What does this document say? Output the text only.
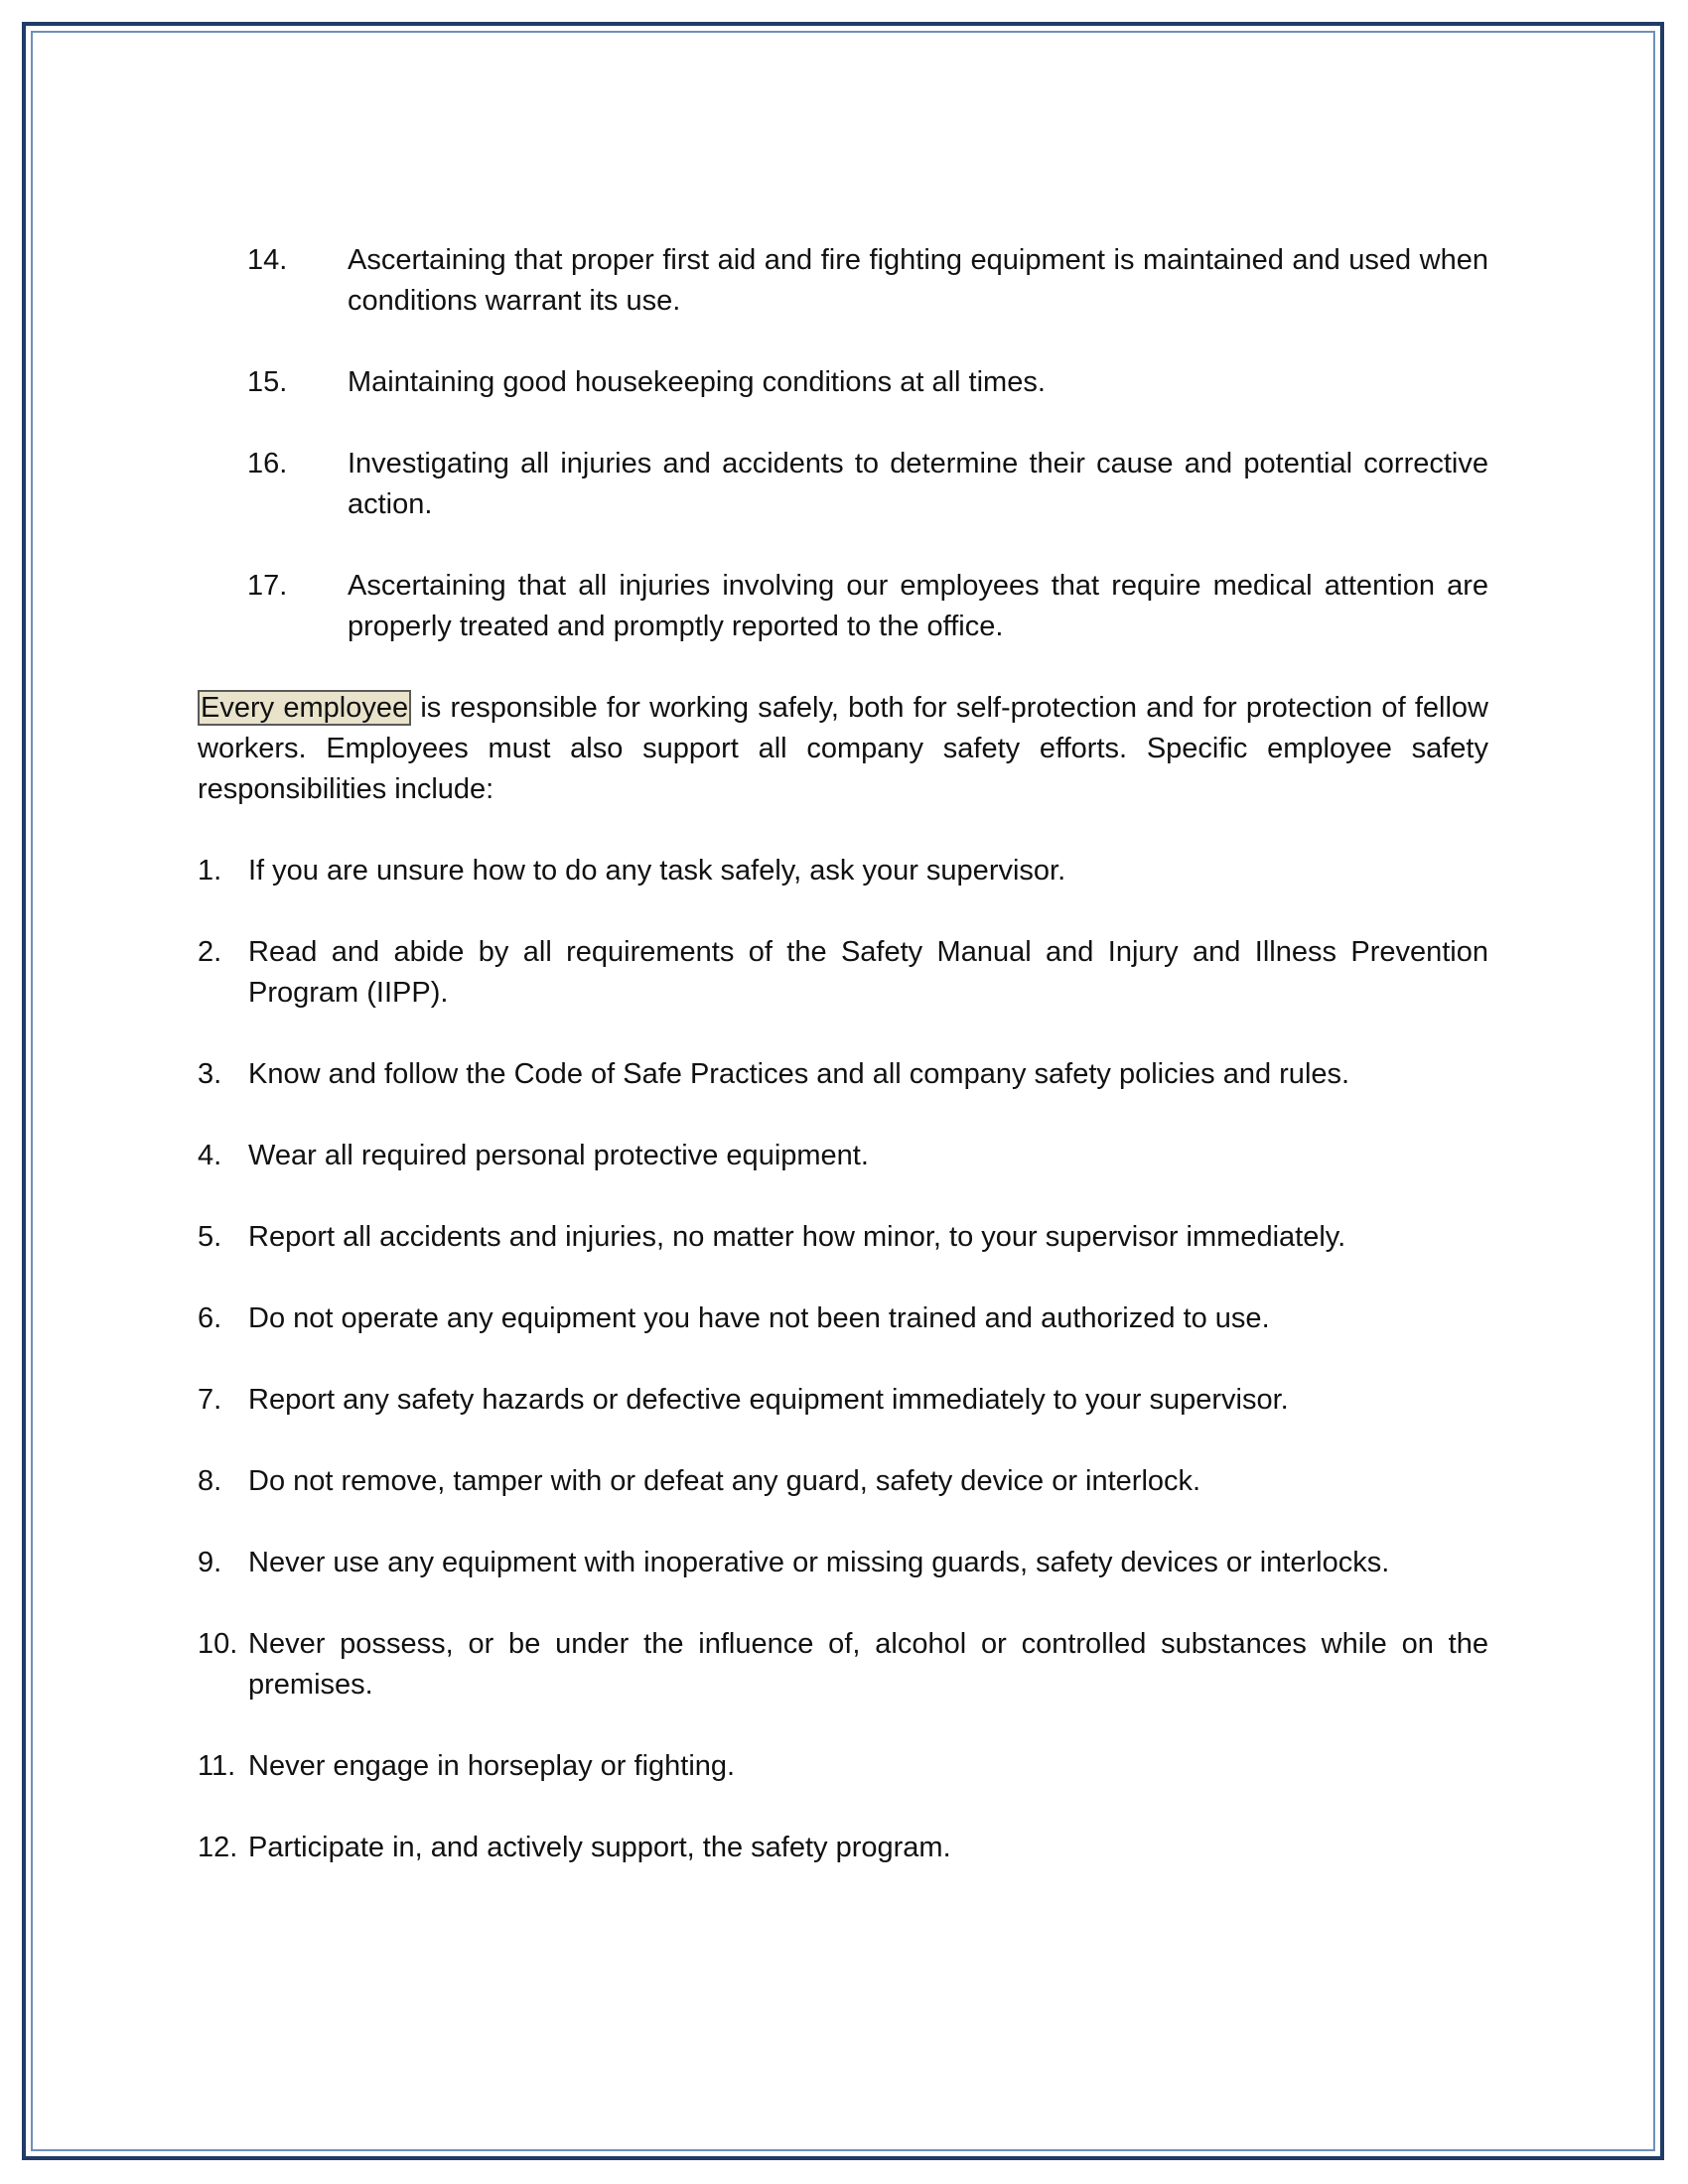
14. Ascertaining that proper first aid and fire fighting equipment is maintained and used when conditions warrant its use.
15. Maintaining good housekeeping conditions at all times.
16. Investigating all injuries and accidents to determine their cause and potential corrective action.
17. Ascertaining that all injuries involving our employees that require medical attention are properly treated and promptly reported to the office.

Every employee is responsible for working safely, both for self-protection and for protection of fellow workers. Employees must also support all company safety efforts. Specific employee safety responsibilities include:

1. If you are unsure how to do any task safely, ask your supervisor.
2. Read and abide by all requirements of the Safety Manual and Injury and Illness Prevention Program (IIPP).
3. Know and follow the Code of Safe Practices and all company safety policies and rules.
4. Wear all required personal protective equipment.
5. Report all accidents and injuries, no matter how minor, to your supervisor immediately.
6. Do not operate any equipment you have not been trained and authorized to use.
7. Report any safety hazards or defective equipment immediately to your supervisor.
8. Do not remove, tamper with or defeat any guard, safety device or interlock.
9. Never use any equipment with inoperative or missing guards, safety devices or interlocks.
10. Never possess, or be under the influence of, alcohol or controlled substances while on the premises.
11. Never engage in horseplay or fighting.
12. Participate in, and actively support, the safety program.
